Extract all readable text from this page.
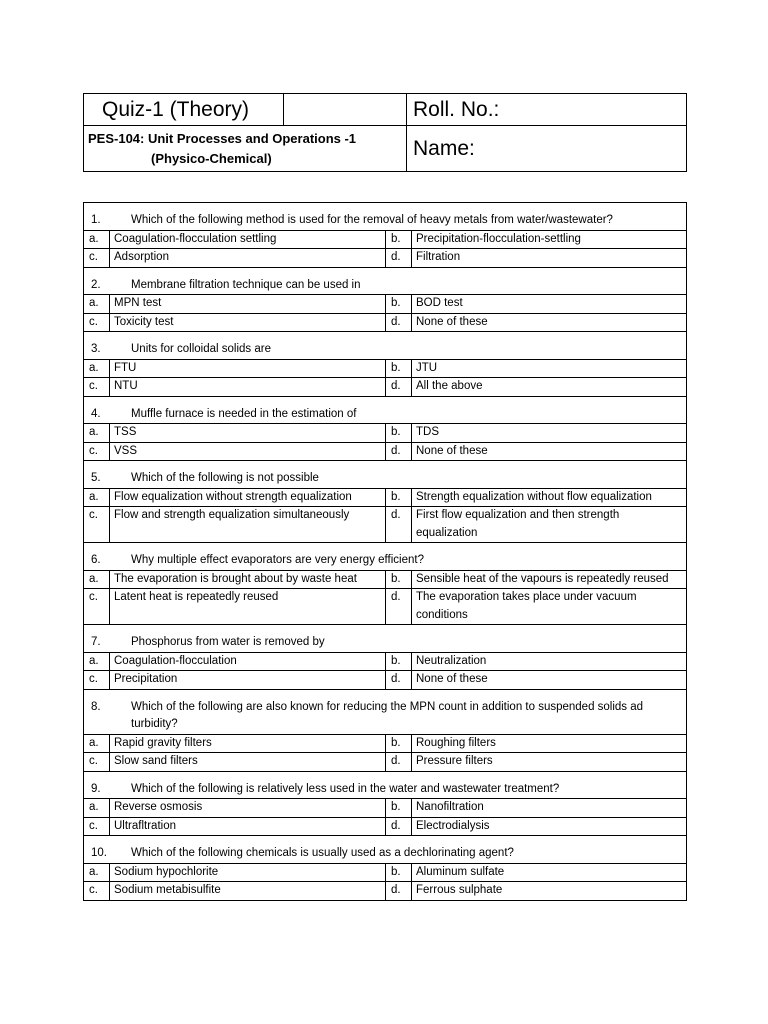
Quiz-1 (Theory)		Roll. No.:
PES-104: Unit Processes and Operations -1
(Physico-Chemical)		Name:
1. Which of the following method is used for the removal of heavy metals from water/wastewater?			
a.	Coagulation-flocculation settling	b.	Precipitation-flocculation-settling
c.	Adsorption	d.	Filtration
2. Membrane filtration technique can be used in			
a.	MPN test	b.	BOD test
c.	Toxicity test	d.	None of these
3. Units for colloidal solids are			
a.	FTU	b.	JTU
c.	NTU	d.	All the above
4. Muffle furnace is needed in the estimation of			
a.	TSS	b.	TDS
c.	VSS	d.	None of these
5. Which of the following is not possible			
a.	Flow equalization without strength equalization	b.	Strength equalization without flow equalization
c.	Flow and strength equalization simultaneously	d.	First flow equalization and then strength equalization
6. Why multiple effect evaporators are very energy efficient?			
a.	The evaporation is brought about by waste heat	b.	Sensible heat of the vapours is repeatedly reused
c.	Latent heat is repeatedly reused	d.	The evaporation takes place under vacuum conditions
7. Phosphorus from water is removed by			
a.	Coagulation-flocculation	b.	Neutralization
c.	Precipitation	d.	None of these
8. Which of the following are also known for reducing the MPN count in addition to suspended solids ad turbidity?			
a.	Rapid gravity filters	b.	Roughing filters
c.	Slow sand filters	d.	Pressure filters
9. Which of the following is relatively less used in the water and wastewater treatment?			
a.	Reverse osmosis	b.	Nanofiltration
c.	Ultrafltration	d.	Electrodialysis
10. Which of the following chemicals is usually used as a dechlorinating agent?			
a.	Sodium hypochlorite	b.	Aluminum sulfate
c.	Sodium metabisulfite	d.	Ferrous sulphate
